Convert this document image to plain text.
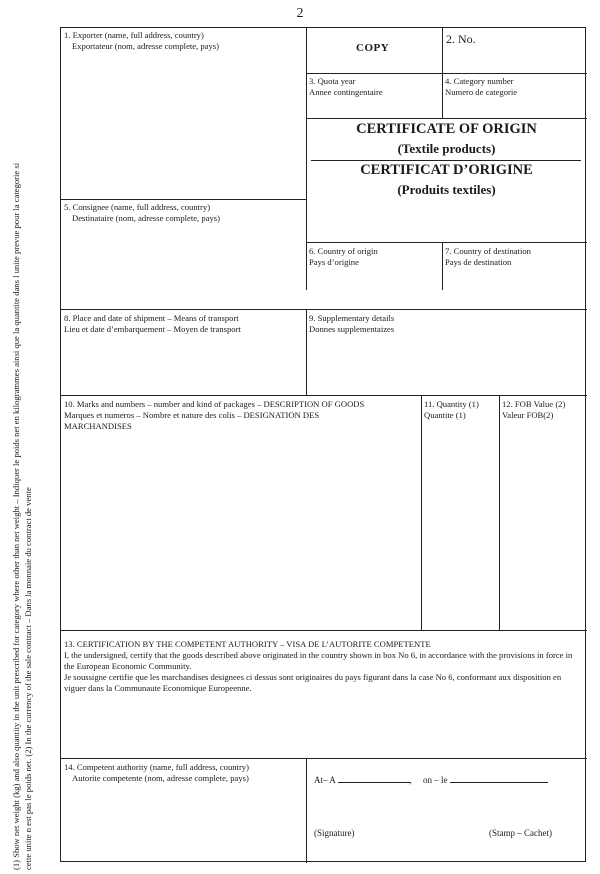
2
(1) Show net weight (kg) and also quantity in the unit prescribed for category where other than net weight – Indiquer le poids net en kilogrammes ainsi que la quantite dans l unite prevue pour la categorie si cette unite n est pas le poids net. (2) In the currency of the sale contract – Dans la monnaie du contract de vente
1. Exporter (name, full address, country)
Exportateur (nom, adresse complete, pays)	COPY
2. No.
3. Quota year
Annee contingentaire
4. Category number
Numero de categorie
CERTIFICATE OF ORIGIN
(Textile products)
CERTIFICAT D’ORIGINE
(Produits textiles)
5. Consignee (name, full address, country)
Destinataire (nom, adresse complete, pays)
6. Country of origin
Pays d’origine
7. Country of destination
Pays de destination
8. Place and date of shipment – Means of transport
Lieu et date d’embarquement – Moyen de transport
9. Supplementary details
Donnes supplementaizes
10. Marks and numbers – number and kind of packages – DESCRIPTION OF GOODS
Marques et numeros – Nombre et nature des colis – DESIGNATION DES
MARCHANDISES
11. Quantity (1)
Quantite (1)
12. FOB Value (2)
Valeur FOB(2)

13. CERTIFICATION BY THE COMPETENT AUTHORITY – VISA DE L’AUTORITE COMPETENTE

I, the undersigned, certify that the goods described above originated in the country shown in box No 6, in accordance with the provisions in force in the European Economic Community.

Je soussigne certifie que les marchandises designees ci dessus sont originaires du pays figurant dans la case No 6, conformant aux disposition en viguer dans la Communaute Economique Europeenne.

14. Competent authority (name, full address, country)
Autorite competente (nom, adresse complete, pays)	At– A	, on – le
(Signature)	(Stamp – Cachet)
